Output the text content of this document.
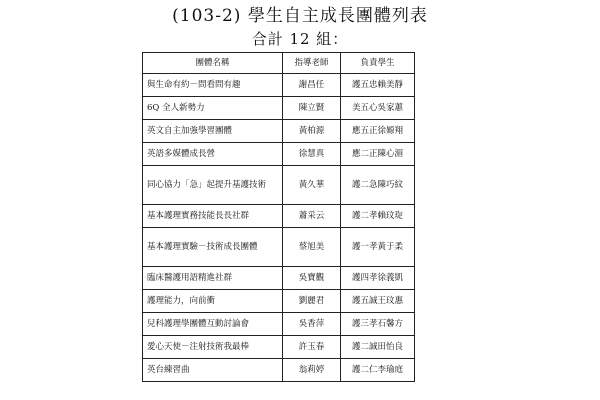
(103-2) 學生自主成長團體列表
合計 12 組：
團體名稱	指導老師	負責學生
與生命有約－問看問有趣	謝昌任	護五忠賴美靜
6Q 全人新勢力	陳立賢	美五心吳家蕙
英文自主加強學習團體	黃柏源	應五正徐嫄翔
英語多媒體成長營	徐慧真	應二正陳心湄
同心協力「急」起提升基護技術	黃久華	護二急陳巧紋
基本護理實務技能長長社群	蕭采云	護二孝賴玟琁
基本護理實驗－技術成長團體	蔡旭美	護一孝黃于柔
臨床醫護用語精進社群	吳寶觀	護四孝徐義凱
護理能力，向前衝	劉麗君	護五誠王玟惠
兒科護理學團體互動討論會	吳香萍	護三孝石馨方
愛心天使－注射技術我最棒	許玉春	護二誠田怡良
英台練習曲	翁莉婷	護二仁李瑜庭
